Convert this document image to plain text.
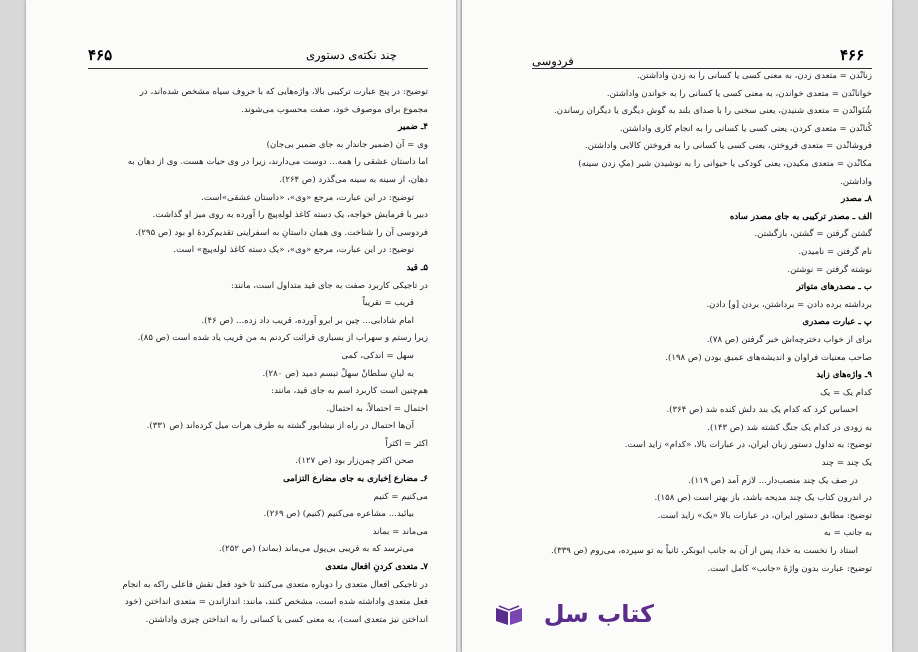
۴۶۵	چند نکته‌ی دستوری
توضیح: در پنج عبارت ترکیبی بالا، واژه‌هایی که با حروف سیاه مشخص شده‌اند، در
مجموع برای موصوف خود، صفت محسوب می‌شوند.
۴ـ ضمیر
وی = آن (ضمیر جاندار به جای ضمیر بی‌جان)
اما داستان عشقی را همه... دوست می‌دارند، زیرا در وی حیات هست. وی از دهان به
دهان، از سینه به سینه می‌گذرد (ص ۲۶۴).
توضیح: در این عبارت، مرجع «وی»، «داستان عشقی»است.
دبیر با فرمایش خواجه، یک دسته کاغذ لوله‌پیچ را آورده به روی میز او گذاشت.
فردوسی آن را شناخت. وی همان داستانِ به اسفراینی تقدیم‌کردهٔ او بود (ص ۲۹۵).
توضیح: در این عبارت، مرجع «وی»، «یک دسته کاغذ لوله‌پیچ» است.
۵ـ قید
در تاجیکی کاربرد صفت به جای قید متداول است، مانند:
قریب = تقریباً
امام شادابی... چین بر ابرو آورده، قریب داد زده... (ص ۴۶).
زیرا رستم و سهراب از بسیاری قرائت کردنم به من قریب یاد شده است (ص ۸۵).
سهل = اندکی، کمی
به لبانِ سلطانْ سهلْ تبسم دمید (ص ۲۸۰).
هم‌چنین است کاربرد اسم به جای قید، مانند:
احتمال = احتمالاً، به احتمال.
آن‌ها احتمال در راه از نیشابور گشته به طرف هرات میل کرده‌اند (ص ۳۳۱).
اکثر = اکثراً
صحن اکثر چمن‌زار بود (ص ۱۲۷).
۶ـ مضارع اِخباری به جای مضارع التزامی
می‌کنیم = کنیم
بیائید... مشاعره می‌کنیم (کنیم) (ص ۲۶۹).
می‌ماند = بماند
می‌ترسد که به قریبی بی‌پول می‌ماند (بماند) (ص ۲۵۲).
۷ـ متعدی کردنِ افعال متعدی
در تاجیکی افعال متعدی را دوباره متعدی می‌کنند تا خود فعل نقش فاعلی راکه به انجام
فعل متعدی واداشته شده است، مشخص کنند، مانند: اندازاندن = متعدی انداختن (خود
انداختن نیز متعدی است)، به معنی کسی یا کسانی را به انداختن چیزی واداشتن.
۴۶۶
فردوسی
زنانْدن = متعدی زدن، به معنی کسی یا کسانی را به زدن واداشتن.
خوانانْدن = متعدی خواندن، به معنی کسی یا کسانی را به خواندن واداشتن.
شُنَوانْدن = متعدی شنیدن، یعنی سخنی را با صدای بلند به گوش دیگری یا دیگران رساندن.
کُنانْدن = متعدی کردن، یعنی کسی یا کسانی را به انجام کاری واداشتن.
فروشانْدن = متعدی فروختن، یعنی کسی یا کسانی را به فروختن کالایی واداشتن.
مکانْدن = متعدی مکیدن، یعنی کودکی یا حیوانی را به نوشیدن شیر (مکِ زدن سینه)
واداشتن.
۸ـ مصدر
الف ـ مصدر ترکیبی به جای مصدر ساده
گشتن گرفتن = گشتن، بازگشتن.
نام گرفتن = نامیدن.
نوشته گرفتن = نوشتن.
ب ـ مصدرهای متواتر
برداشته برده دادن = برداشتن، بردن [و] دادن.
پ ـ عبارت مصدری
برای از خواب دخترچه‌اش خبر گرفتن (ص ۷۸).
صاحب معنیات فراوان و اندیشه‌های عمیق بودن (ص ۱۹۸).
۹ـ واژه‌های زاید
کدام یک = یک
احساس کرد که کدام یک بند دلش کنده شد (ص ۳۶۴).
به زودی در کدام یک جنگ کشته شد (ص ۱۴۳).
توضیح: به تداول دستور زبان ایران، در عبارات بالا، «کدام» زاید است.
یک چند = چند
در صف یک چند منصب‌دار... لازم آمد (ص ۱۱۹).
در اندرون کتاب یک چند مدیحه باشد، باز بهتر است (ص ۱۵۸).
توضیح: مطابق دستور ایران، در عبارات بالا «یک» زاید است.
به جانب = به
استاد را نخست به خدا، پس از آن به جانب ابوبکر، ثانیاً به تو سپرده، می‌روم (ص ۳۳۹).
توضیح: عبارت بدون واژهٔ «جانب» کامل است.
کتاب سل
